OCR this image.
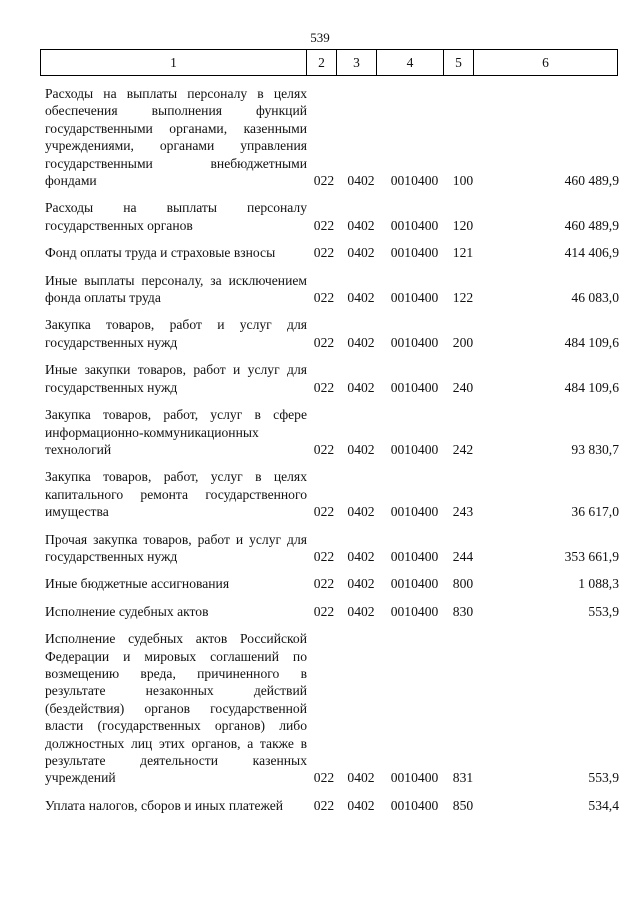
539
1	2	3	4	5	6
Расходы на выплаты персоналу в целях обеспечения выполнения функций государственными органами, казенными учреждениями, органами управления государственными внебюджетными фондами	022 0402	0010400	100	460 489,9
Расходы на выплаты персоналу государственных органов	022 0402	0010400	120	460 489,9
Фонд оплаты труда и страховые взносы	022 0402	0010400	121	414 406,9
Иные выплаты персоналу, за исключением фонда оплаты труда	022 0402	0010400	122	46 083,0
Закупка товаров, работ и услуг для государственных нужд	022 0402	0010400	200	484 109,6
Иные закупки товаров, работ и услуг для государственных нужд	022 0402	0010400	240	484 109,6
Закупка товаров, работ, услуг в сфере информационно-коммуникационных технологий	022 0402	0010400	242	93 830,7
Закупка товаров, работ, услуг в целях капитального ремонта государственного имущества	022 0402	0010400	243	36 617,0
Прочая закупка товаров, работ и услуг для государственных нужд	022 0402	0010400	244	353 661,9
Иные бюджетные ассигнования	022 0402	0010400	800	1 088,3
Исполнение судебных актов	022 0402	0010400	830	553,9
Исполнение судебных актов Российской Федерации и мировых соглашений по возмещению вреда, причиненного в результате незаконных действий (бездействия) органов государственной власти (государственных органов) либо должностных лиц этих органов, а также в результате деятельности казенных учреждений	022 0402	0010400	831	553,9
Уплата налогов, сборов и иных платежей	022 0402	0010400	850	534,4
